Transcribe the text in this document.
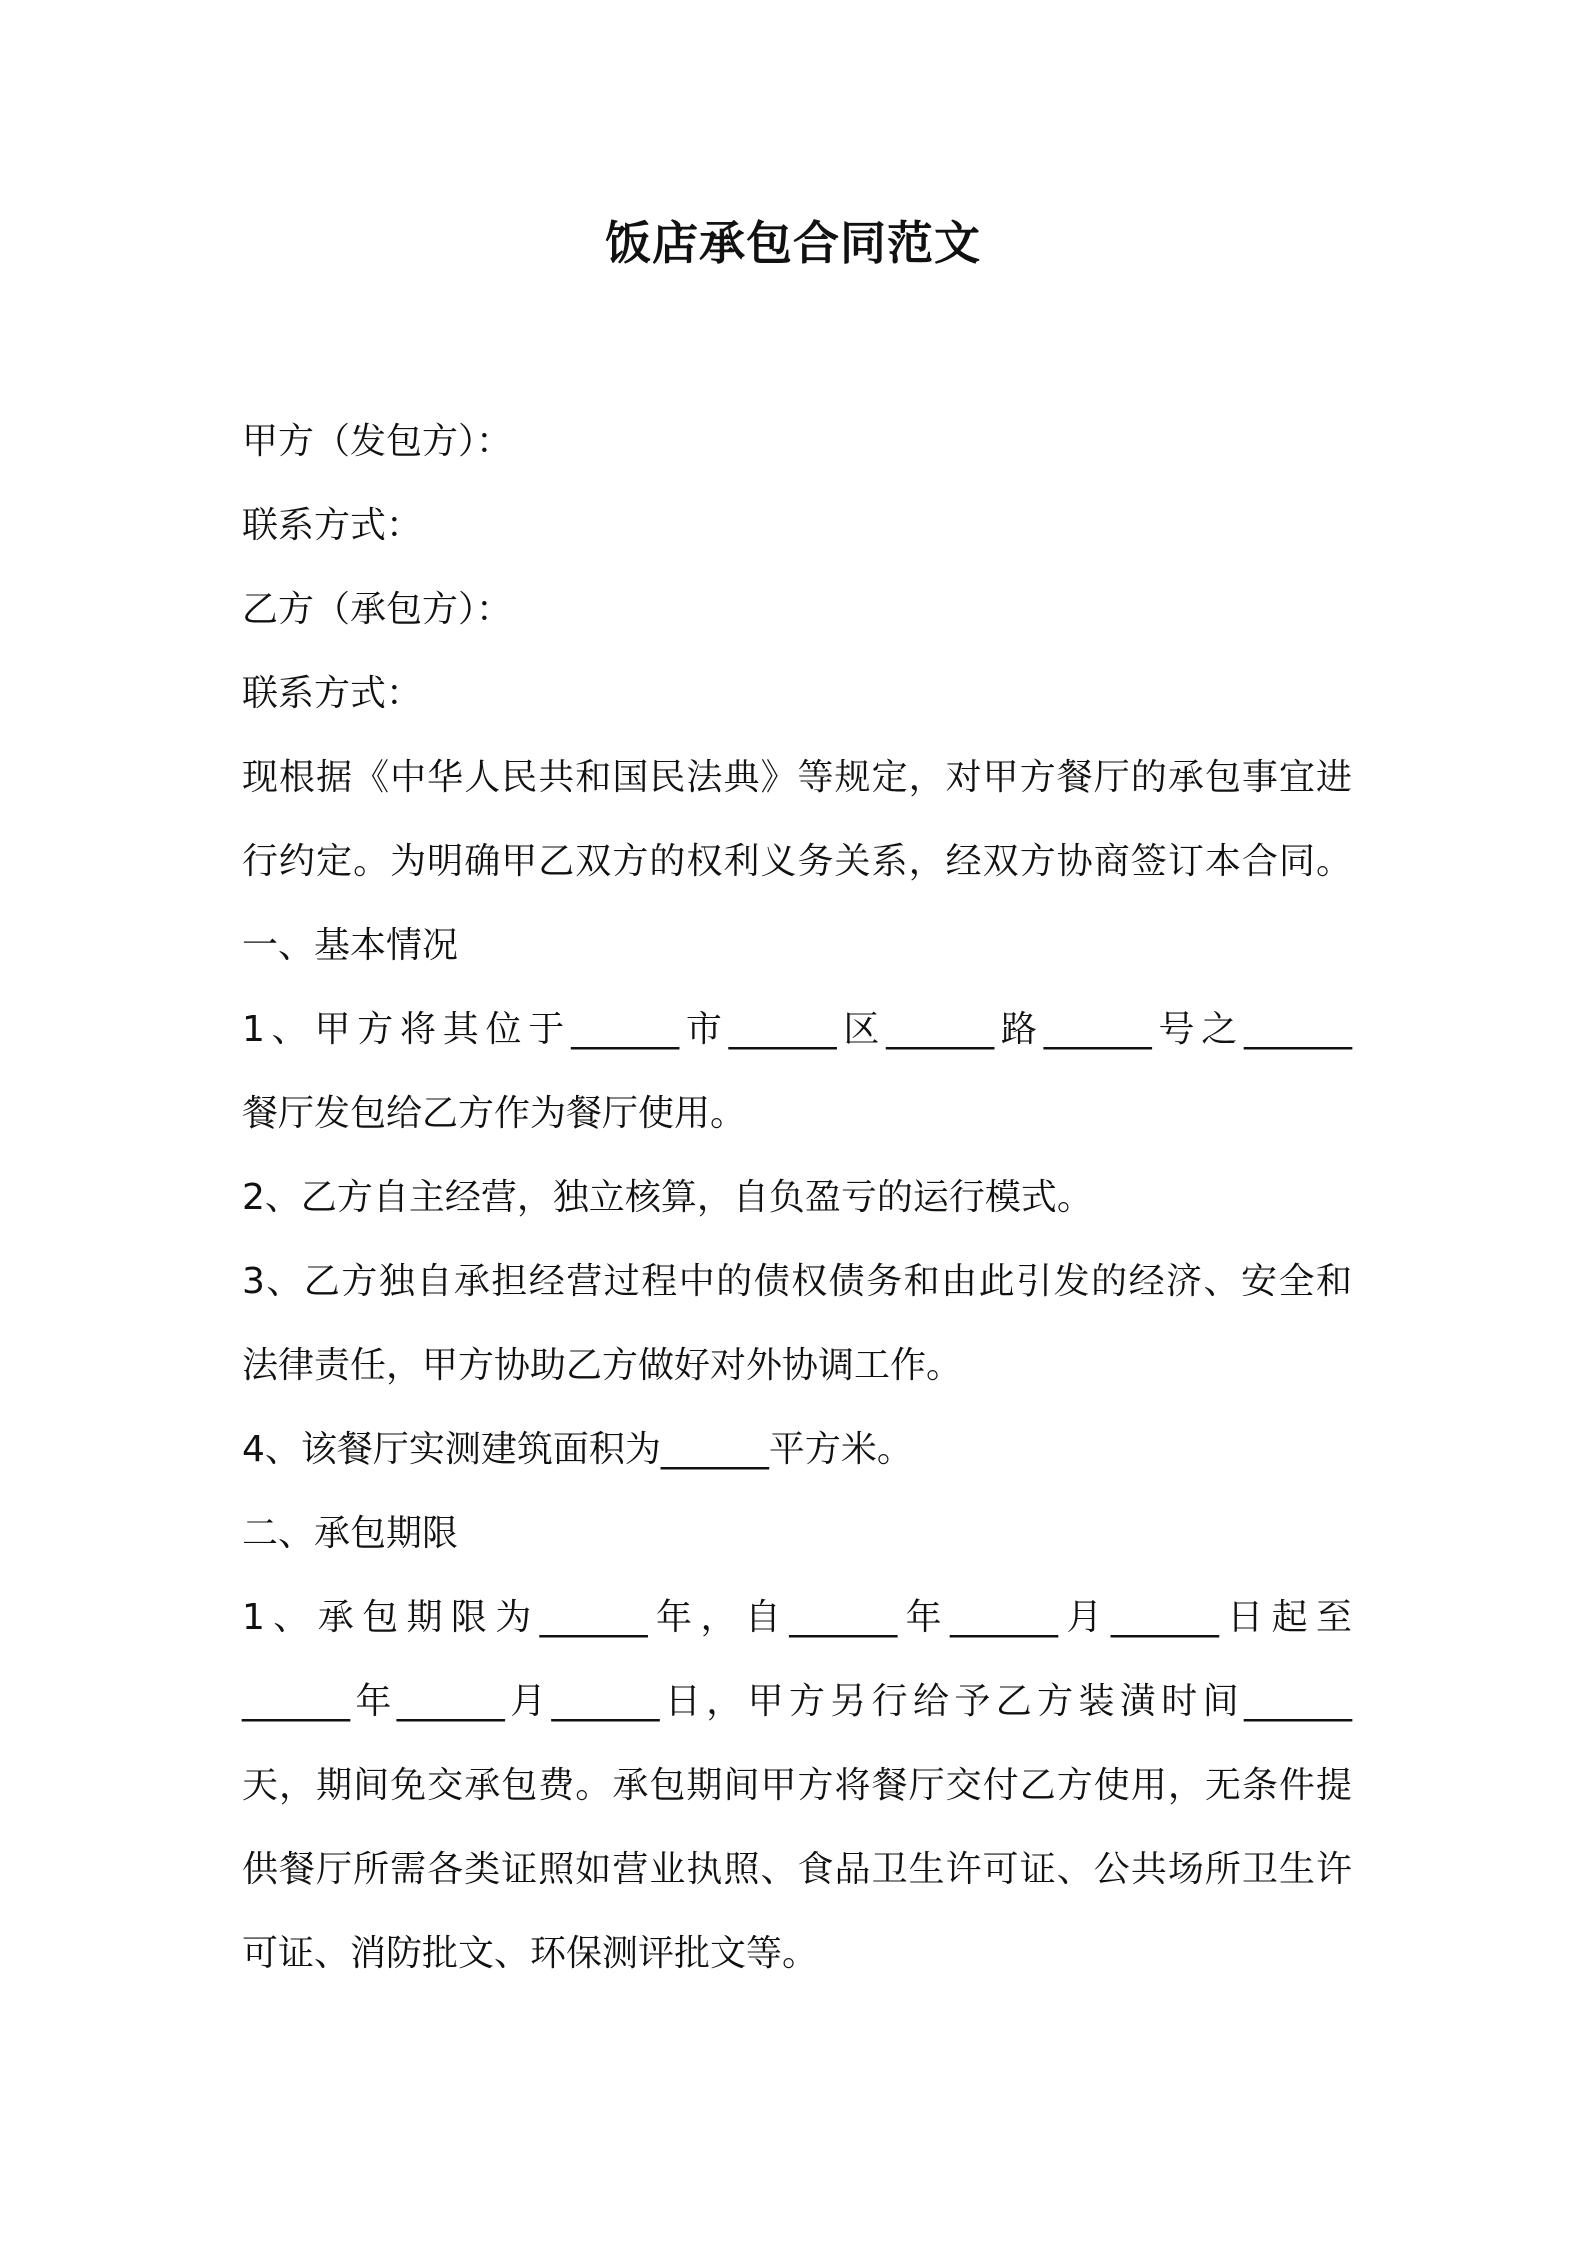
饭店承包合同范文
甲方（发包方）：
联系方式：
乙方（承包方）：
联系方式：
现根据《中华人民共和国民法典》等规定，对甲方餐厅的承包事宜进
行约定。为明确甲乙双方的权利义务关系，经双方协商签订本合同。
一、基本情况
1、甲方将其位于______市______区______路______号之______
餐厅发包给乙方作为餐厅使用。
2、乙方自主经营，独立核算，自负盈亏的运行模式。
3、乙方独自承担经营过程中的债权债务和由此引发的经济、安全和
法律责任，甲方协助乙方做好对外协调工作。
4、该餐厅实测建筑面积为______平方米。
二、承包期限
1、承包期限为______年，自______年______月______日起至
______年______月______日，甲方另行给予乙方装潢时间______
天，期间免交承包费。承包期间甲方将餐厅交付乙方使用，无条件提
供餐厅所需各类证照如营业执照、食品卫生许可证、公共场所卫生许
可证、消防批文、环保测评批文等。
